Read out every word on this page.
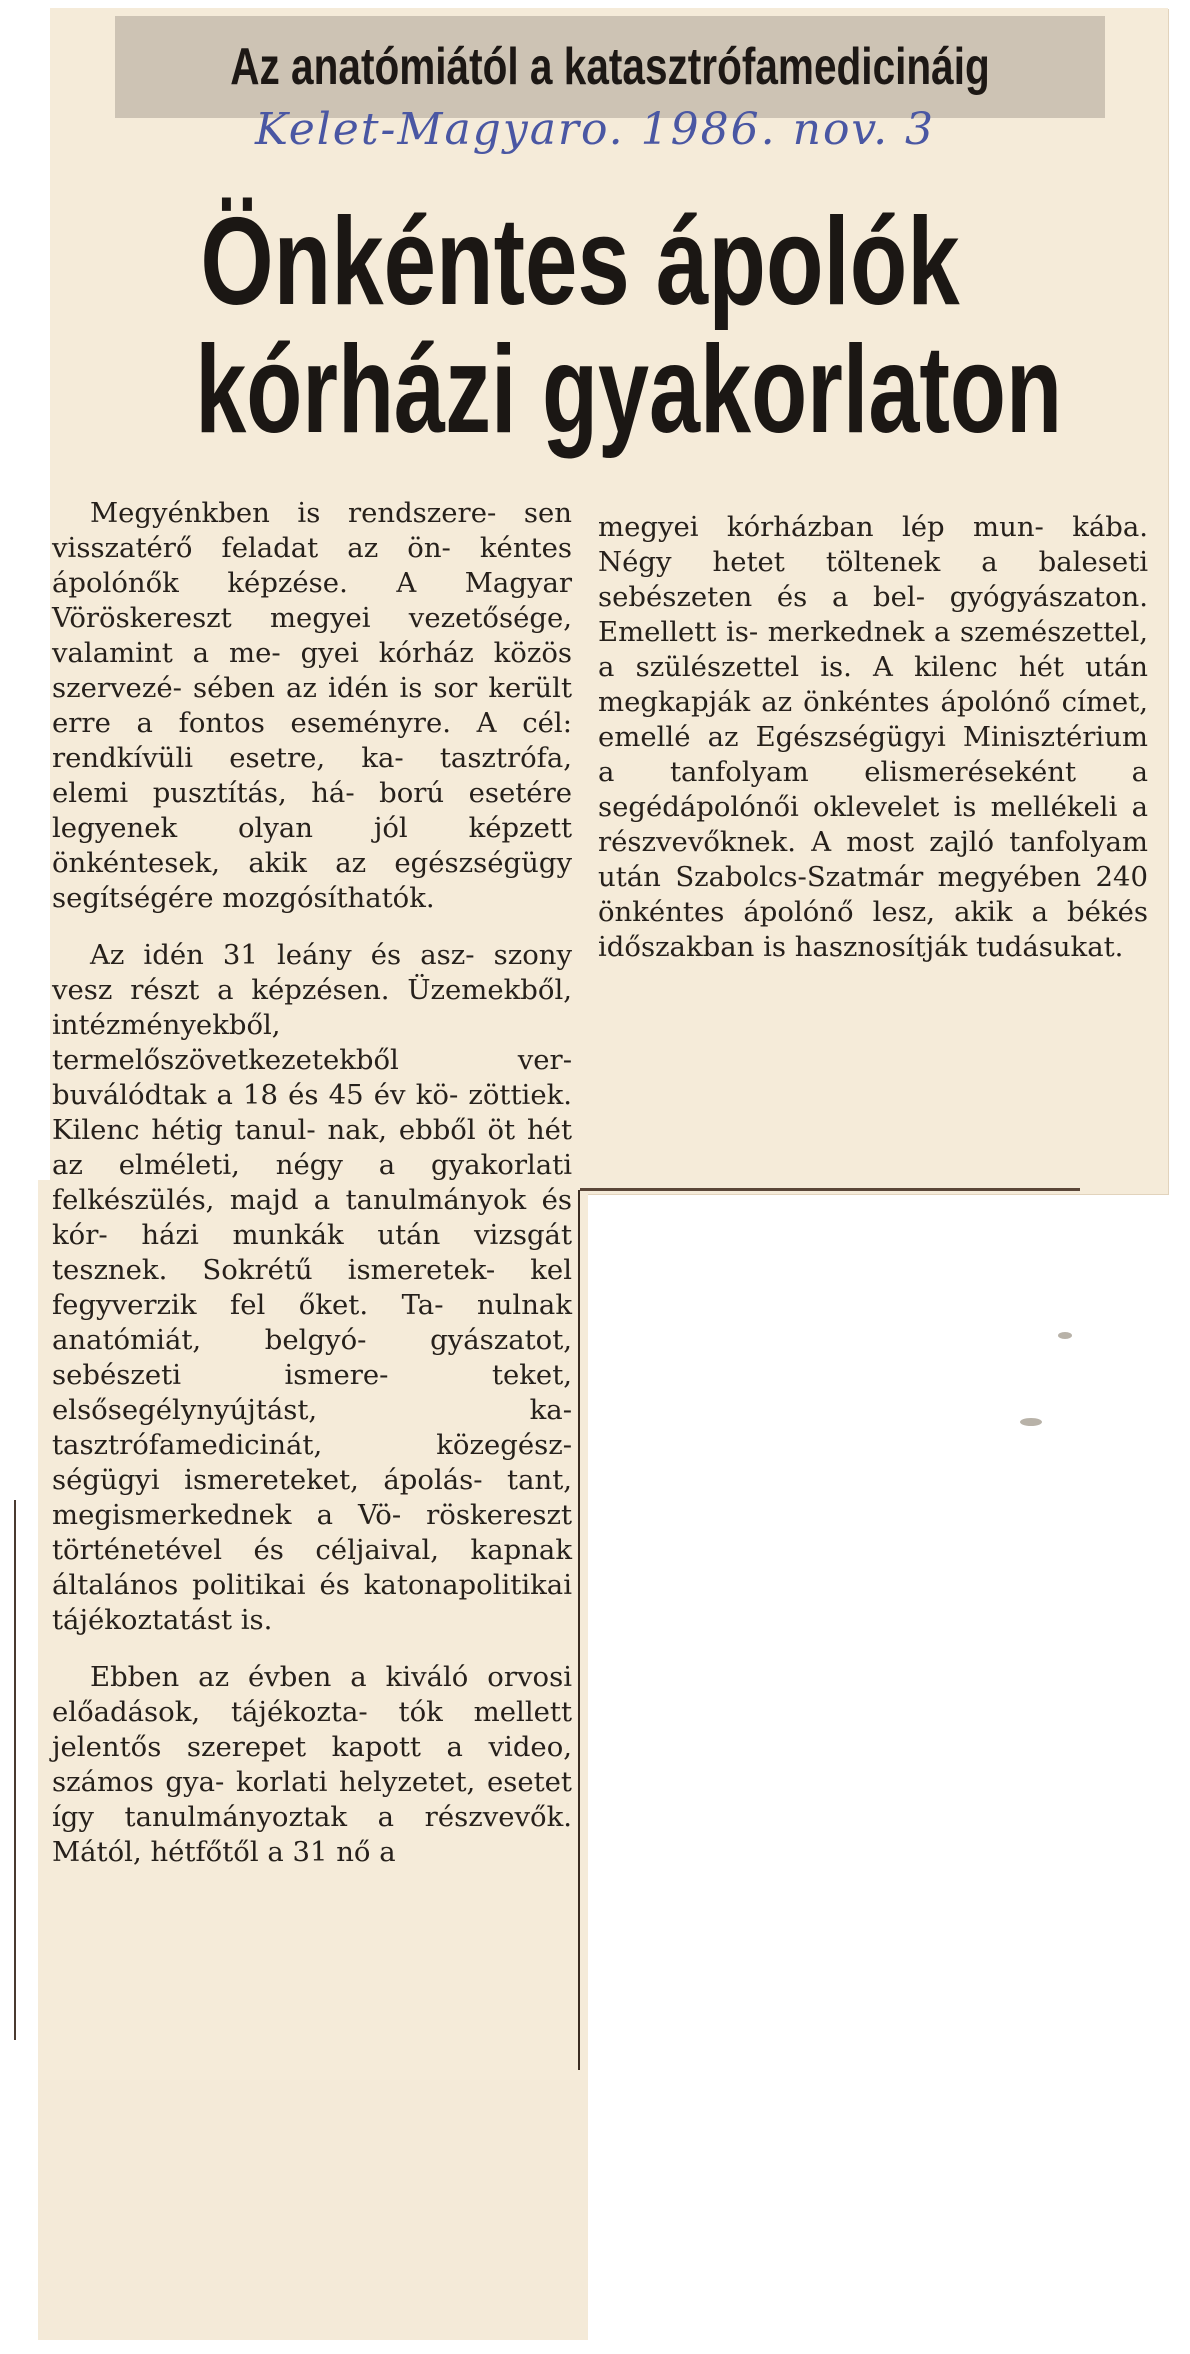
Az anatómiától a katasztrófamedicináig
Kelet-Magyaro. 1986. nov. 3
Önkéntes ápolók
kórházi gyakorlaton

Megyénkben is rendszere- sen visszatérő feladat az ön- kéntes ápolónők képzése. A Magyar Vöröskereszt megyei vezetősége, valamint a me- gyei kórház közös szervezé- sében az idén is sor került erre a fontos eseményre. A cél: rendkívüli esetre, ka- tasztrófa, elemi pusztítás, há- ború esetére legyenek olyan jól képzett önkéntesek, akik az egészségügy segítségére mozgósíthatók.

Az idén 31 leány és asz- szony vesz részt a képzésen. Üzemekből, intézményekből, termelőszövetkezetekből ver- buválódtak a 18 és 45 év kö- zöttiek. Kilenc hétig tanul- nak, ebből öt hét az elméleti, négy a gyakorlati felkészülés, majd a tanulmányok és kór- házi munkák után vizsgát tesznek. Sokrétű ismeretek- kel fegyverzik fel őket. Ta- nulnak anatómiát, belgyó- gyászatot, sebészeti ismere- teket, elsősegélynyújtást, ka- tasztrófamedicinát, közegész- ségügyi ismereteket, ápolás- tant, megismerkednek a Vö- röskereszt történetével és céljaival, kapnak általános politikai és katonapolitikai tájékoztatást is.

Ebben az évben a kiváló orvosi előadások, tájékozta- tók mellett jelentős szerepet kapott a video, számos gya- korlati helyzetet, esetet így tanulmányoztak a részvevők. Mától, hétfőtől a 31 nő a

megyei kórházban lép mun- kába. Négy hetet töltenek a baleseti sebészeten és a bel- gyógyászaton. Emellett is- merkednek a szemészettel, a szülészettel is. A kilenc hét után megkapják az önkéntes ápolónő címet, emellé az Egészségügyi Minisztérium a tanfolyam elismeréseként a segédápolónői oklevelet is mellékeli a részvevőknek. A most zajló tanfolyam után Szabolcs-Szatmár megyében 240 önkéntes ápolónő lesz, akik a békés időszakban is hasznosítják tudásukat.
